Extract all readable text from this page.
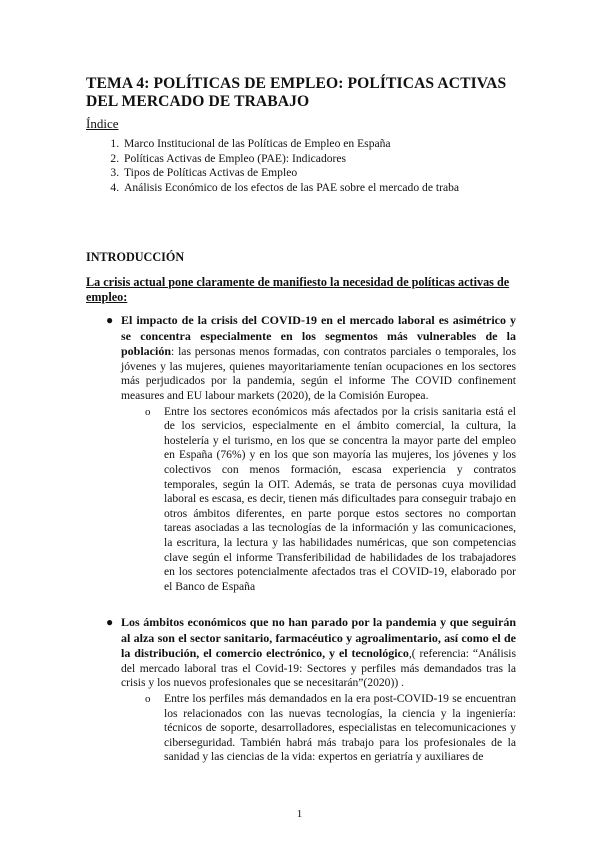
TEMA 4: POLÍTICAS DE EMPLEO: POLÍTICAS ACTIVAS DEL MERCADO DE TRABAJO
Índice
1. Marco Institucional de las Políticas de Empleo en España
2. Políticas Activas de Empleo (PAE): Indicadores
3. Tipos de Políticas Activas de Empleo
4. Análisis Económico de los efectos de las PAE sobre el mercado de traba
INTRODUCCIÓN
La crisis actual pone claramente de manifiesto la necesidad de políticas activas de empleo:
● El impacto de la crisis del COVID-19 en el mercado laboral es asimétrico y se concentra especialmente en los segmentos más vulnerables de la población: las personas menos formadas, con contratos parciales o temporales, los jóvenes y las mujeres, quienes mayoritariamente tenían ocupaciones en los sectores más perjudicados por la pandemia, según el informe The COVID confinement measures and EU labour markets (2020), de la Comisión Europea.
o Entre los sectores económicos más afectados por la crisis sanitaria está el de los servicios, especialmente en el ámbito comercial, la cultura, la hostelería y el turismo, en los que se concentra la mayor parte del empleo en España (76%) y en los que son mayoría las mujeres, los jóvenes y los colectivos con menos formación, escasa experiencia y contratos temporales, según la OIT. Además, se trata de personas cuya movilidad laboral es escasa, es decir, tienen más dificultades para conseguir trabajo en otros ámbitos diferentes, en parte porque estos sectores no comportan tareas asociadas a las tecnologías de la información y las comunicaciones, la escritura, la lectura y las habilidades numéricas, que son competencias clave según el informe Transferibilidad de habilidades de los trabajadores en los sectores potencialmente afectados tras el COVID-19, elaborado por el Banco de España
● Los ámbitos económicos que no han parado por la pandemia y que seguirán al alza son el sector sanitario, farmacéutico y agroalimentario, así como el de la distribución, el comercio electrónico, y el tecnológico,( referencia: “Análisis del mercado laboral tras el Covid-19: Sectores y perfiles más demandados tras la crisis y los nuevos profesionales que se necesitarán”(2020)) .
o Entre los perfiles más demandados en la era post-COVID-19 se encuentran los relacionados con las nuevas tecnologías, la ciencia y la ingeniería: técnicos de soporte, desarrolladores, especialistas en telecomunicaciones y ciberseguridad. También habrá más trabajo para los profesionales de la sanidad y las ciencias de la vida: expertos en geriatría y auxiliares de
1
